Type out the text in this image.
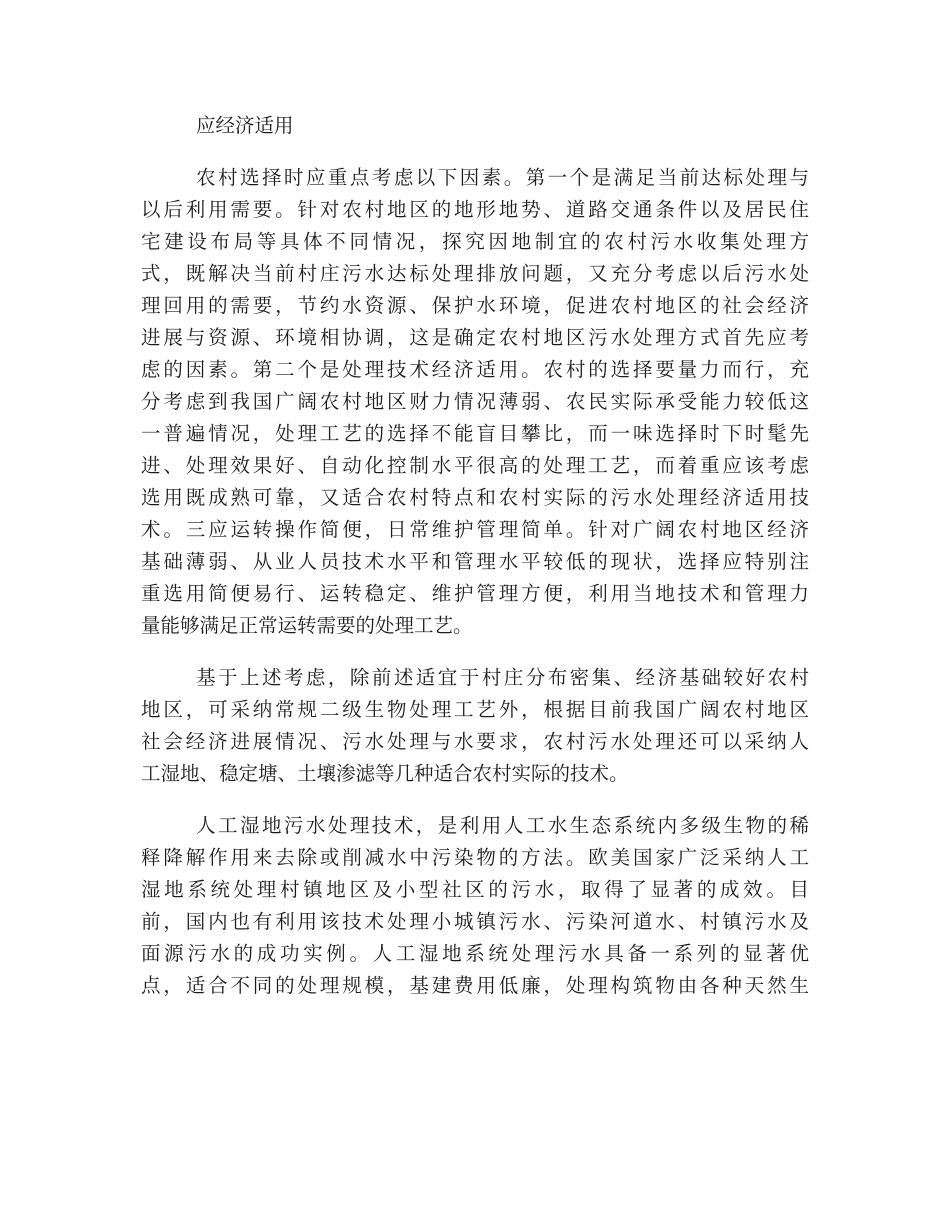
应经济适用
农村选择时应重点考虑以下因素。第一个是满足当前达标处理与
以后利用需要。针对农村地区的地形地势、道路交通条件以及居民住
宅建设布局等具体不同情况，探究因地制宜的农村污水收集处理方
式，既解决当前村庄污水达标处理排放问题，又充分考虑以后污水处
理回用的需要，节约水资源、保护水环境，促进农村地区的社会经济
进展与资源、环境相协调，这是确定农村地区污水处理方式首先应考
虑的因素。第二个是处理技术经济适用。农村的选择要量力而行，充
分考虑到我国广阔农村地区财力情况薄弱、农民实际承受能力较低这
一普遍情况，处理工艺的选择不能盲目攀比，而一味选择时下时髦先
进、处理效果好、自动化控制水平很高的处理工艺，而着重应该考虑
选用既成熟可靠，又适合农村特点和农村实际的污水处理经济适用技
术。三应运转操作简便，日常维护管理简单。针对广阔农村地区经济
基础薄弱、从业人员技术水平和管理水平较低的现状，选择应特别注
重选用简便易行、运转稳定、维护管理方便，利用当地技术和管理力
量能够满足正常运转需要的处理工艺。
基于上述考虑，除前述适宜于村庄分布密集、经济基础较好农村
地区，可采纳常规二级生物处理工艺外，根据目前我国广阔农村地区
社会经济进展情况、污水处理与水要求，农村污水处理还可以采纳人
工湿地、稳定塘、土壤渗滤等几种适合农村实际的技术。
人工湿地污水处理技术，是利用人工水生态系统内多级生物的稀
释降解作用来去除或削减水中污染物的方法。欧美国家广泛采纳人工
湿地系统处理村镇地区及小型社区的污水，取得了显著的成效。目
前，国内也有利用该技术处理小城镇污水、污染河道水、村镇污水及
面源污水的成功实例。人工湿地系统处理污水具备一系列的显著优
点，适合不同的处理规模，基建费用低廉，处理构筑物由各种天然生
